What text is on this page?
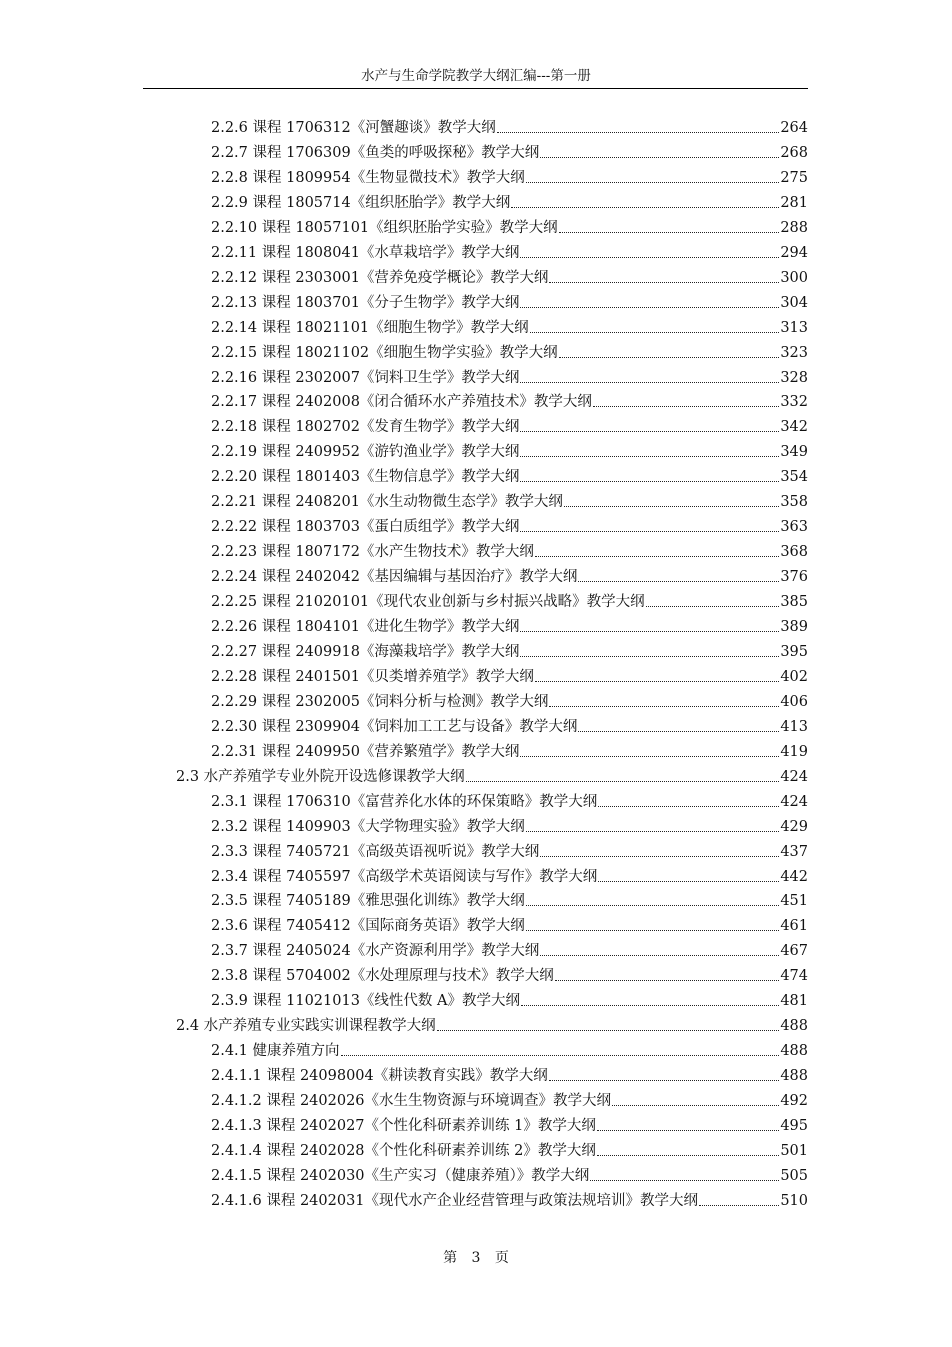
水产与生命学院教学大纲汇编---第一册
2.2.6 课程 1706312《河蟹趣谈》教学大纲	264
2.2.7 课程 1706309《鱼类的呼吸探秘》教学大纲	268
2.2.8 课程 1809954《生物显微技术》教学大纲	275
2.2.9 课程 1805714《组织胚胎学》教学大纲	281
2.2.10 课程 18057101《组织胚胎学实验》教学大纲	288
2.2.11 课程 1808041《水草栽培学》教学大纲	294
2.2.12 课程 2303001《营养免疫学概论》教学大纲	300
2.2.13 课程 1803701《分子生物学》教学大纲	304
2.2.14 课程 18021101《细胞生物学》教学大纲	313
2.2.15 课程 18021102《细胞生物学实验》教学大纲	323
2.2.16 课程 2302007《饲料卫生学》教学大纲	328
2.2.17 课程 2402008《闭合循环水产养殖技术》教学大纲	332
2.2.18 课程 1802702《发育生物学》教学大纲	342
2.2.19 课程 2409952《游钓渔业学》教学大纲	349
2.2.20 课程 1801403《生物信息学》教学大纲	354
2.2.21 课程 2408201《水生动物微生态学》教学大纲	358
2.2.22 课程 1803703《蛋白质组学》教学大纲	363
2.2.23 课程 1807172《水产生物技术》教学大纲	368
2.2.24 课程 2402042《基因编辑与基因治疗》教学大纲	376
2.2.25 课程 21020101《现代农业创新与乡村振兴战略》教学大纲	385
2.2.26 课程 1804101《进化生物学》教学大纲	389
2.2.27 课程 2409918《海藻栽培学》教学大纲	395
2.2.28 课程 2401501《贝类增养殖学》教学大纲	402
2.2.29 课程 2302005《饲料分析与检测》教学大纲	406
2.2.30 课程 2309904《饲料加工工艺与设备》教学大纲	413
2.2.31 课程 2409950《营养繁殖学》教学大纲	419
2.3 水产养殖学专业外院开设选修课教学大纲	424
2.3.1 课程 1706310《富营养化水体的环保策略》教学大纲	424
2.3.2 课程 1409903《大学物理实验》教学大纲	429
2.3.3 课程 7405721《高级英语视听说》教学大纲	437
2.3.4 课程 7405597《高级学术英语阅读与写作》教学大纲	442
2.3.5 课程 7405189《雅思强化训练》教学大纲	451
2.3.6 课程 7405412《国际商务英语》教学大纲	461
2.3.7 课程 2405024《水产资源利用学》教学大纲	467
2.3.8 课程 5704002《水处理原理与技术》教学大纲	474
2.3.9 课程 11021013《线性代数 A》教学大纲	481
2.4 水产养殖专业实践实训课程教学大纲	488
2.4.1 健康养殖方向	488
2.4.1.1 课程 24098004《耕读教育实践》教学大纲	488
2.4.1.2 课程 2402026《水生生物资源与环境调查》教学大纲	492
2.4.1.3 课程 2402027《个性化科研素养训练 1》教学大纲	495
2.4.1.4 课程 2402028《个性化科研素养训练 2》教学大纲	501
2.4.1.5 课程 2402030《生产实习（健康养殖）》教学大纲	505
2.4.1.6 课程 2402031《现代水产企业经营管理与政策法规培训》教学大纲	510
第 3 页
